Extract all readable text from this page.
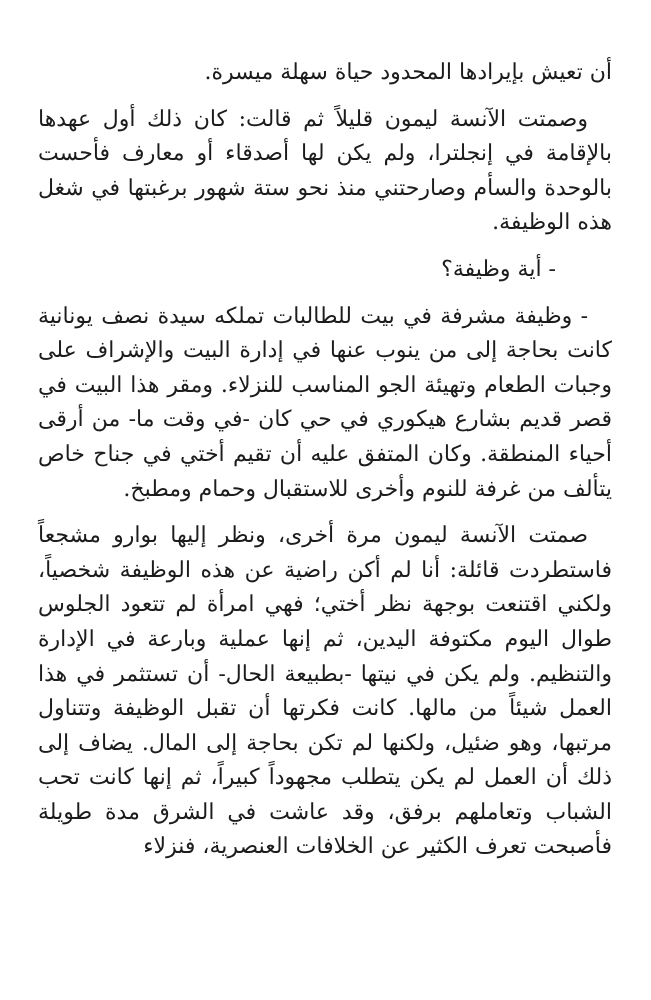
أن تعيش بإيرادها المحدود حياة سهلة ميسرة.

وصمتت الآنسة ليمون قليلاً ثم قالت: كان ذلك أول عهدها بالإقامة في إنجلترا، ولم يكن لها أصدقاء أو معارف فأحست بالوحدة والسأم وصارحتني منذ نحو ستة شهور برغبتها في شغل هذه الوظيفة.

- أية وظيفة؟

- وظيفة مشرفة في بيت للطالبات تملكه سيدة نصف يونانية كانت بحاجة إلى من ينوب عنها في إدارة البيت والإشراف على وجبات الطعام وتهيئة الجو المناسب للنزلاء. ومقر هذا البيت في قصر قديم بشارع هيكوري في حي كان -في وقت ما- من أرقى أحياء المنطقة. وكان المتفق عليه أن تقيم أختي في جناح خاص يتألف من غرفة للنوم وأخرى للاستقبال وحمام ومطبخ.

صمتت الآنسة ليمون مرة أخرى، ونظر إليها بوارو مشجعاً فاستطردت قائلة: أنا لم أكن راضية عن هذه الوظيفة شخصياً، ولكني اقتنعت بوجهة نظر أختي؛ فهي امرأة لم تتعود الجلوس طوال اليوم مكتوفة اليدين، ثم إنها عملية وبارعة في الإدارة والتنظيم. ولم يكن في نيتها -بطبيعة الحال- أن تستثمر في هذا العمل شيئاً من مالها. كانت فكرتها أن تقبل الوظيفة وتتناول مرتبها، وهو ضئيل، ولكنها لم تكن بحاجة إلى المال. يضاف إلى ذلك أن العمل لم يكن يتطلب مجهوداً كبيراً، ثم إنها كانت تحب الشباب وتعاملهم برفق، وقد عاشت في الشرق مدة طويلة فأصبحت تعرف الكثير عن الخلافات العنصرية، فنزلاء
